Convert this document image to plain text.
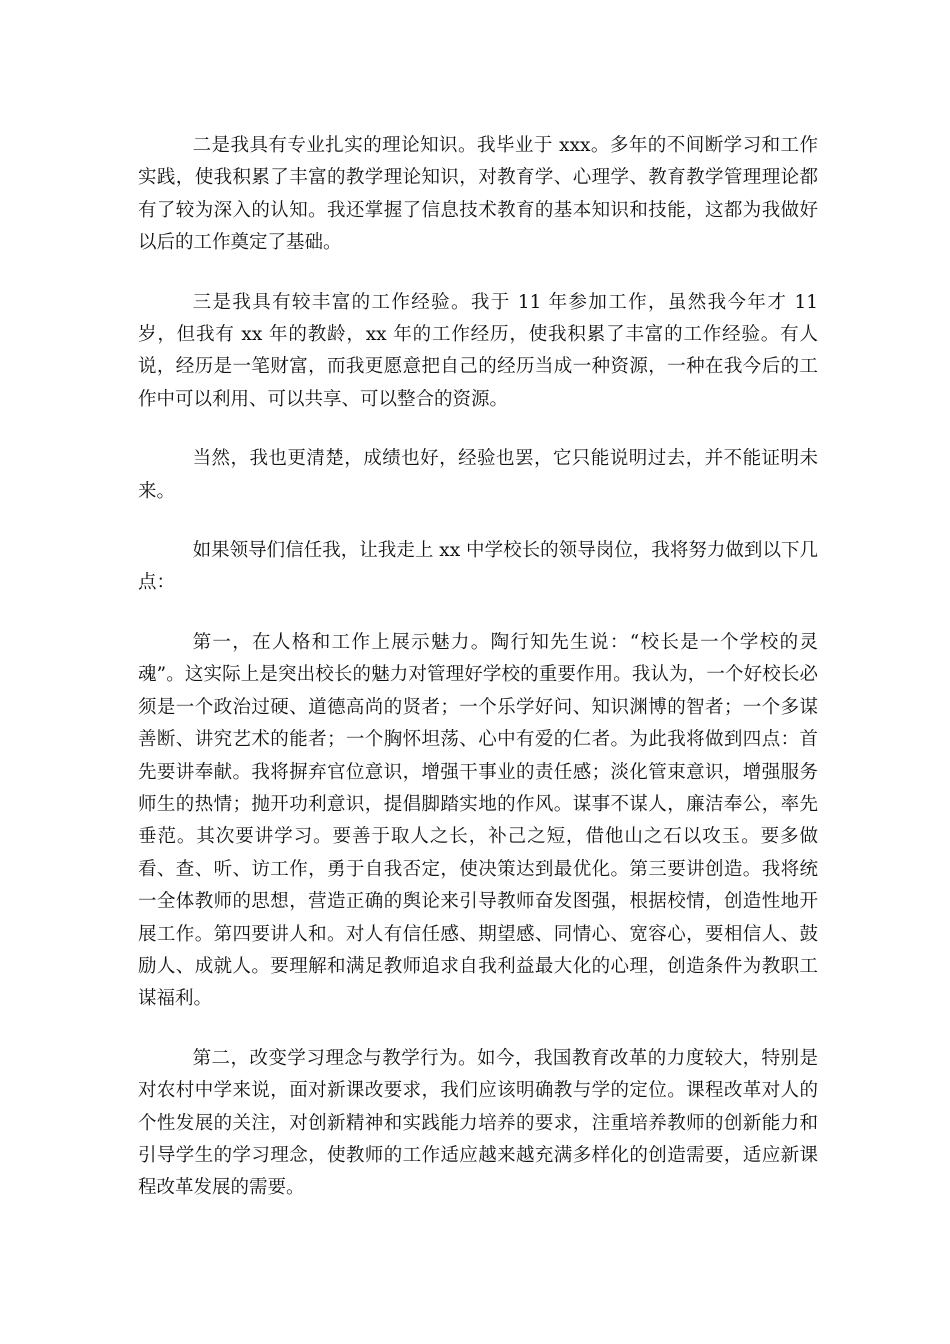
二是我具有专业扎实的理论知识。我毕业于 xxx。多年的不间断学习和工作实践，使我积累了丰富的教学理论知识，对教育学、心理学、教育教学管理理论都有了较为深入的认知。我还掌握了信息技术教育的基本知识和技能，这都为我做好以后的工作奠定了基础。

三是我具有较丰富的工作经验。我于 11 年参加工作，虽然我今年才 11 岁，但我有 xx 年的教龄，xx 年的工作经历，使我积累了丰富的工作经验。有人说，经历是一笔财富，而我更愿意把自己的经历当成一种资源，一种在我今后的工作中可以利用、可以共享、可以整合的资源。

当然，我也更清楚，成绩也好，经验也罢，它只能说明过去，并不能证明未来。

如果领导们信任我，让我走上 xx 中学校长的领导岗位，我将努力做到以下几点：

第一，在人格和工作上展示魅力。陶行知先生说：“校长是一个学校的灵魂”。这实际上是突出校长的魅力对管理好学校的重要作用。我认为，一个好校长必须是一个政治过硬、道德高尚的贤者；一个乐学好问、知识渊博的智者；一个多谋善断、讲究艺术的能者；一个胸怀坦荡、心中有爱的仁者。为此我将做到四点：首先要讲奉献。我将摒弃官位意识，增强干事业的责任感；淡化管束意识，增强服务师生的热情；抛开功利意识，提倡脚踏实地的作风。谋事不谋人，廉洁奉公，率先垂范。其次要讲学习。要善于取人之长，补己之短，借他山之石以攻玉。要多做看、查、听、访工作，勇于自我否定，使决策达到最优化。第三要讲创造。我将统一全体教师的思想，营造正确的舆论来引导教师奋发图强，根据校情，创造性地开展工作。第四要讲人和。对人有信任感、期望感、同情心、宽容心，要相信人、鼓励人、成就人。要理解和满足教师追求自我利益最大化的心理，创造条件为教职工谋福利。

第二，改变学习理念与教学行为。如今，我国教育改革的力度较大，特别是对农村中学来说，面对新课改要求，我们应该明确教与学的定位。课程改革对人的个性发展的关注，对创新精神和实践能力培养的要求，注重培养教师的创新能力和引导学生的学习理念，使教师的工作适应越来越充满多样化的创造需要，适应新课程改革发展的需要。
